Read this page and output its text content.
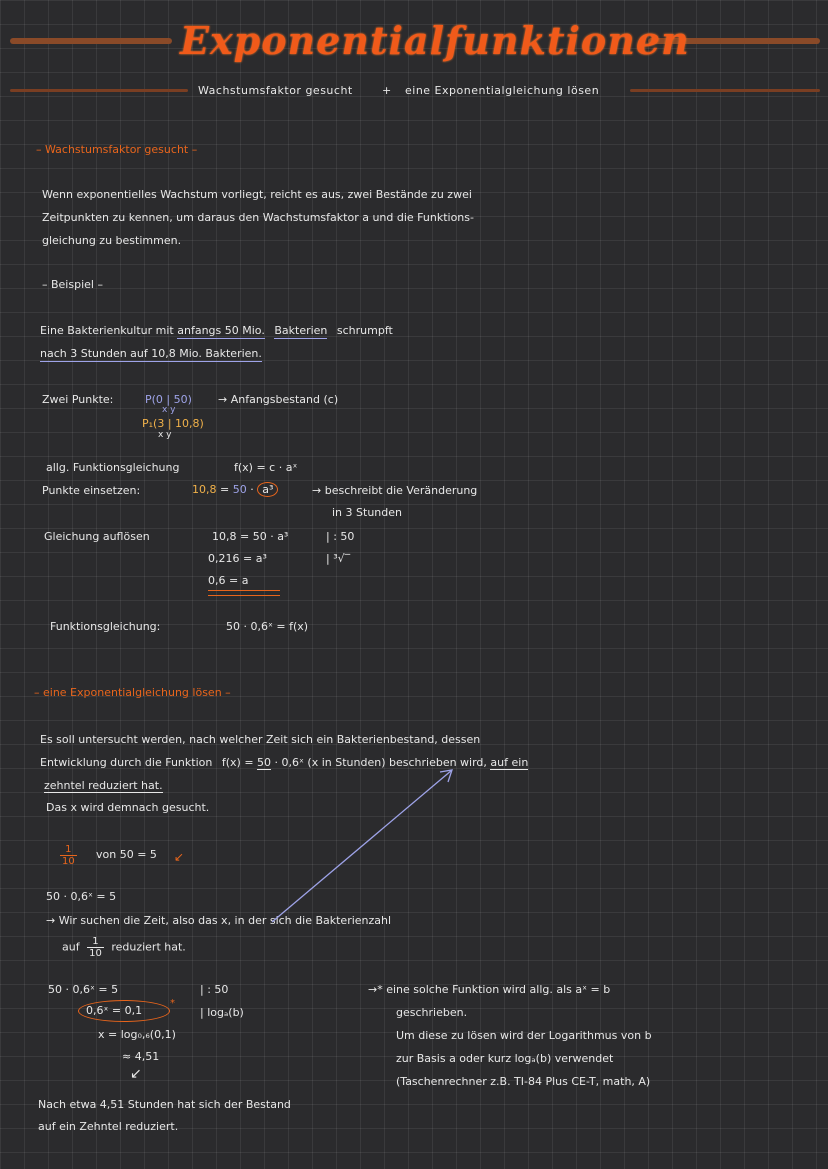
Exponentialfunktionen
Wachstumsfaktor gesucht	+ eine Exponentialgleichung lösen
– Wachstumsfaktor gesucht –
Wenn exponentielles Wachstum vorliegt, reicht es aus, zwei Bestände zu zwei
Zeitpunkten zu kennen, um daraus den Wachstumsfaktor a und die Funktions-
gleichung zu bestimmen.
– Beispiel –
Eine Bakterienkultur mit anfangs 50 Mio. Bakterien schrumpft
nach 3 Stunden auf 10,8 Mio. Bakterien.
Zwei Punkte:	P(0 | 50)
x y
→ Anfangsbestand (c)
P₁(3 | 10,8)
x y
allg. Funktionsgleichung	f(x) = c · aˣ
Punkte einsetzen:	10,8 = 50 · a³	→ beschreibt die Veränderung
in 3 Stunden
Gleichung auflösen	10,8 = 50 · a³	| : 50
0,216 = a³	| ³√‾
0,6 = a
Funktionsgleichung:	50 · 0,6ˣ = f(x)
– eine Exponentialgleichung lösen –
Es soll untersucht werden, nach welcher Zeit sich ein Bakterienbestand, dessen
Entwicklung durch die Funktion f(x) = 50 · 0,6ˣ (x in Stunden) beschrieben wird, auf ein
zehntel reduziert hat.
Das x wird demnach gesucht.
$\frac{1}{10}$ von 50 = 5 ↙
50 · 0,6ˣ = 5
→ Wir suchen die Zeit, also das x, in der sich die Bakterienzahl
auf $\frac{1}{10}$ reduziert hat.
50 · 0,6ˣ = 5	| : 50
0,6ˣ = 0,1
*
| logₐ(b)
x = log₀,₆(0,1)
≈ 4,51
↙
→* eine solche Funktion wird allg. als aˣ = b
geschrieben.
Um diese zu lösen wird der Logarithmus von b
zur Basis a oder kurz logₐ(b) verwendet
(Taschenrechner z.B. TI-84 Plus CE-T, math, A)
Nach etwa 4,51 Stunden hat sich der Bestand
auf ein Zehntel reduziert.
